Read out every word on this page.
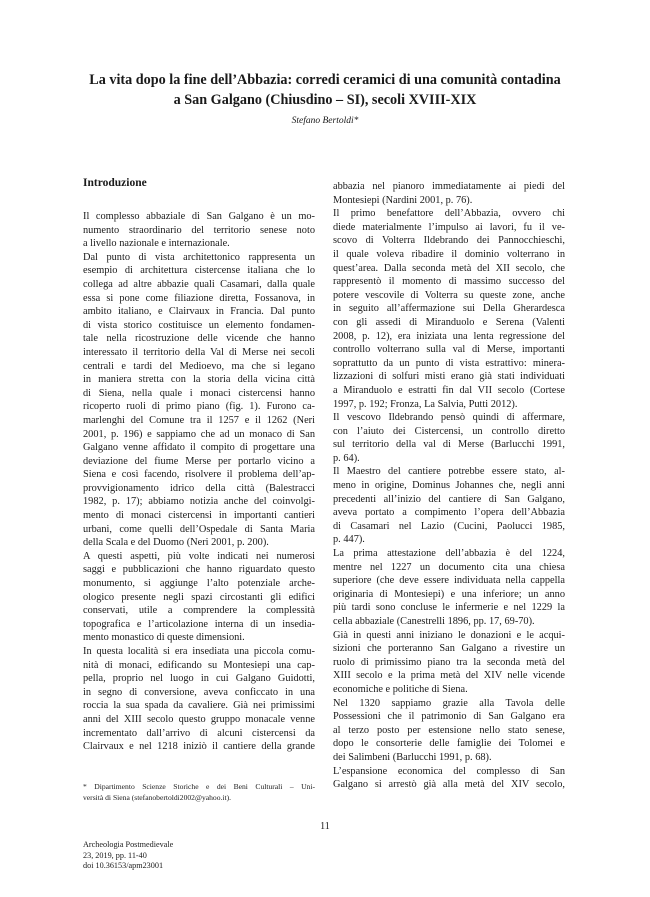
La vita dopo la fine dell’Abbazia: corredi ceramici di una comunità contadina
a San Galgano (Chiusdino – SI), secoli XVIII-XIX
Stefano Bertoldi*
Introduzione
Il complesso abbaziale di San Galgano è un mo-
numento straordinario del territorio senese noto
a livello nazionale e internazionale.
Dal punto di vista architettonico rappresenta un
esempio di architettura cistercense italiana che lo
collega ad altre abbazie quali Casamari, dalla quale
essa si pone come filiazione diretta, Fossanova, in
ambito italiano, e Clairvaux in Francia. Dal punto
di vista storico costituisce un elemento fondamen-
tale nella ricostruzione delle vicende che hanno
interessato il territorio della Val di Merse nei secoli
centrali e tardi del Medioevo, ma che si legano
in maniera stretta con la storia della vicina città
di Siena, nella quale i monaci cistercensi hanno
ricoperto ruoli di primo piano (fig. 1). Furono ca-
marlenghi del Comune tra il 1257 e il 1262 (Neri
2001, p. 196) e sappiamo che ad un monaco di San
Galgano venne affidato il compito di progettare una
deviazione del fiume Merse per portarlo vicino a
Siena e così facendo, risolvere il problema dell’ap-
provvigionamento idrico della città (Balestracci
1982, p. 17); abbiamo notizia anche del coinvolgi-
mento di monaci cistercensi in importanti cantieri
urbani, come quelli dell’Ospedale di Santa Maria
della Scala e del Duomo (Neri 2001, p. 200).
A questi aspetti, più volte indicati nei numerosi
saggi e pubblicazioni che hanno riguardato questo
monumento, si aggiunge l’alto potenziale arche-
ologico presente negli spazi circostanti gli edifici
conservati, utile a comprendere la complessità
topografica e l’articolazione interna di un insedia-
mento monastico di queste dimensioni.
In questa località si era insediata una piccola comu-
nità di monaci, edificando su Montesiepi una cap-
pella, proprio nel luogo in cui Galgano Guidotti,
in segno di conversione, aveva conficcato in una
roccia la sua spada da cavaliere. Già nei primissimi
anni del XIII secolo questo gruppo monacale venne
incrementato dall’arrivo di alcuni cistercensi da
Clairvaux e nel 1218 iniziò il cantiere della grande
abbazia nel pianoro immediatamente ai piedi del
Montesiepi (Nardini 2001, p. 76).
Il primo benefattore dell’Abbazia, ovvero chi
diede materialmente l’impulso ai lavori, fu il ve-
scovo di Volterra Ildebrando dei Pannocchieschi,
il quale voleva ribadire il dominio volterrano in
quest’area. Dalla seconda metà del XII secolo, che
rappresentò il momento di massimo successo del
potere vescovile di Volterra su queste zone, anche
in seguito all’affermazione sui Della Gherardesca
con gli assedi di Miranduolo e Serena (Valenti
2008, p. 12), era iniziata una lenta regressione del
controllo volterrano sulla val di Merse, importanti
soprattutto da un punto di vista estrattivo: minera-
lizzazioni di solfuri misti erano già stati individuati
a Miranduolo e estratti fin dal VII secolo (Cortese
1997, p. 192; Fronza, La Salvia, Putti 2012).
Il vescovo Ildebrando pensò quindi di affermare,
con l’aiuto dei Cistercensi, un controllo diretto
sul territorio della val di Merse (Barlucchi 1991,
p. 64).
Il Maestro del cantiere potrebbe essere stato, al-
meno in origine, Dominus Johannes che, negli anni
precedenti all’inizio del cantiere di San Galgano,
aveva portato a compimento l’opera dell’Abbazia
di Casamari nel Lazio (Cucini, Paolucci 1985,
p. 447).
La prima attestazione dell’abbazia è del 1224,
mentre nel 1227 un documento cita una chiesa
superiore (che deve essere individuata nella cappella
originaria di Montesiepi) e una inferiore; un anno
più tardi sono concluse le infermerie e nel 1229 la
cella abbaziale (Canestrelli 1896, pp. 17, 69-70).
Già in questi anni iniziano le donazioni e le acqui-
sizioni che porteranno San Galgano a rivestire un
ruolo di primissimo piano tra la seconda metà del
XIII secolo e la prima metà del XIV nelle vicende
economiche e politiche di Siena.
Nel 1320 sappiamo grazie alla Tavola delle
Possessioni che il patrimonio di San Galgano era
al terzo posto per estensione nello stato senese,
dopo le consorterie delle famiglie dei Tolomei e
dei Salimbeni (Barlucchi 1991, p. 68).
L’espansione economica del complesso di San
Galgano si arrestò già alla metà del XIV secolo,
* Dipartimento Scienze Storiche e dei Beni Culturali – Uni-
versità di Siena (stefanobertoldi2002@yahoo.it).
11
Archeologia Postmedievale
23, 2019, pp. 11-40
doi 10.36153/apm23001
